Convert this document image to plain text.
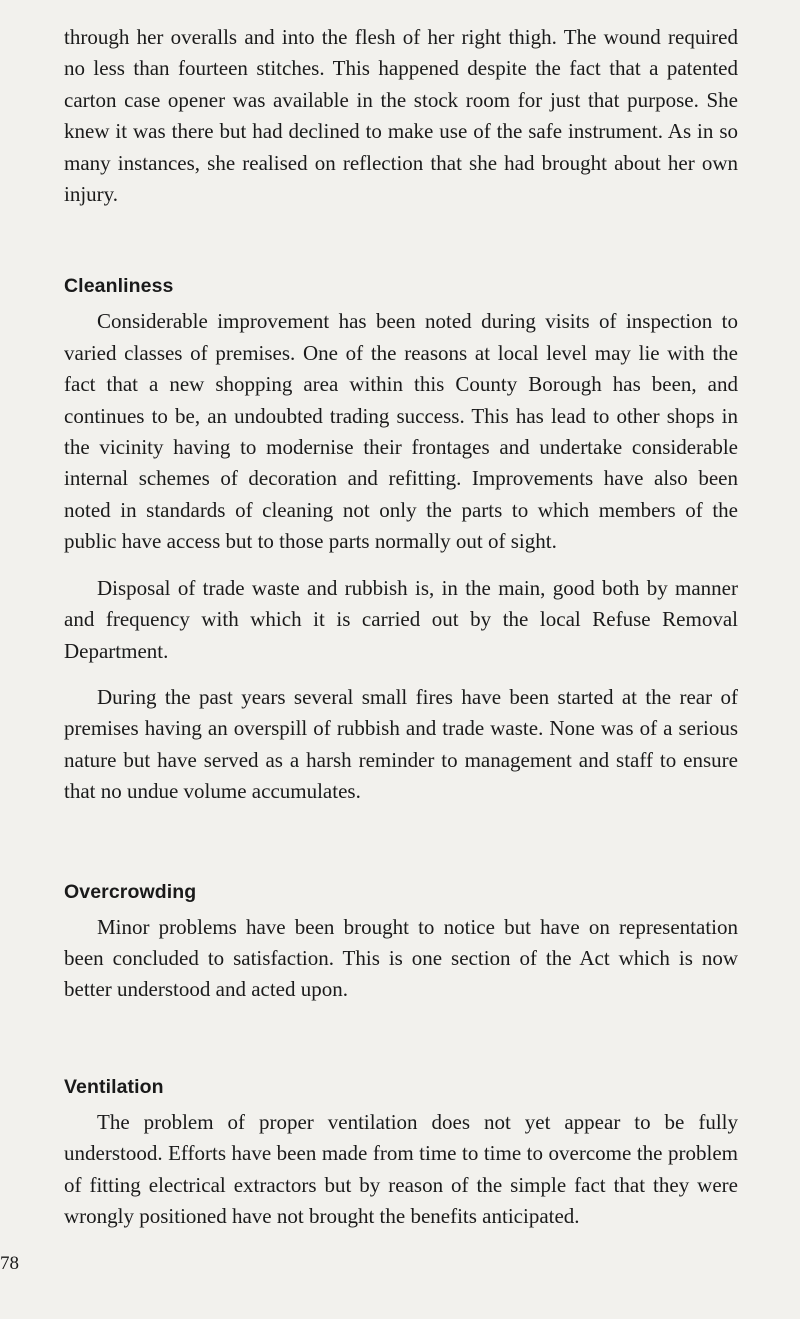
through her overalls and into the flesh of her right thigh. The wound required no less than fourteen stitches. This happened despite the fact that a patented carton case opener was available in the stock room for just that purpose. She knew it was there but had declined to make use of the safe instrument. As in so many instances, she realised on reflection that she had brought about her own injury.

Cleanliness

Considerable improvement has been noted during visits of inspection to varied classes of premises. One of the reasons at local level may lie with the fact that a new shopping area within this County Borough has been, and continues to be, an undoubted trading success. This has lead to other shops in the vicinity having to modernise their frontages and undertake considerable internal schemes of decoration and refitting. Improvements have also been noted in standards of cleaning not only the parts to which members of the public have access but to those parts normally out of sight.

Disposal of trade waste and rubbish is, in the main, good both by manner and frequency with which it is carried out by the local Refuse Removal Department.

During the past years several small fires have been started at the rear of premises having an overspill of rubbish and trade waste. None was of a serious nature but have served as a harsh reminder to management and staff to ensure that no undue volume accumulates.

Overcrowding

Minor problems have been brought to notice but have on representation been concluded to satisfaction. This is one section of the Act which is now better understood and acted upon.

Ventilation

The problem of proper ventilation does not yet appear to be fully understood. Efforts have been made from time to time to overcome the problem of fitting electrical extractors but by reason of the simple fact that they were wrongly positioned have not brought the benefits anticipated.

78
